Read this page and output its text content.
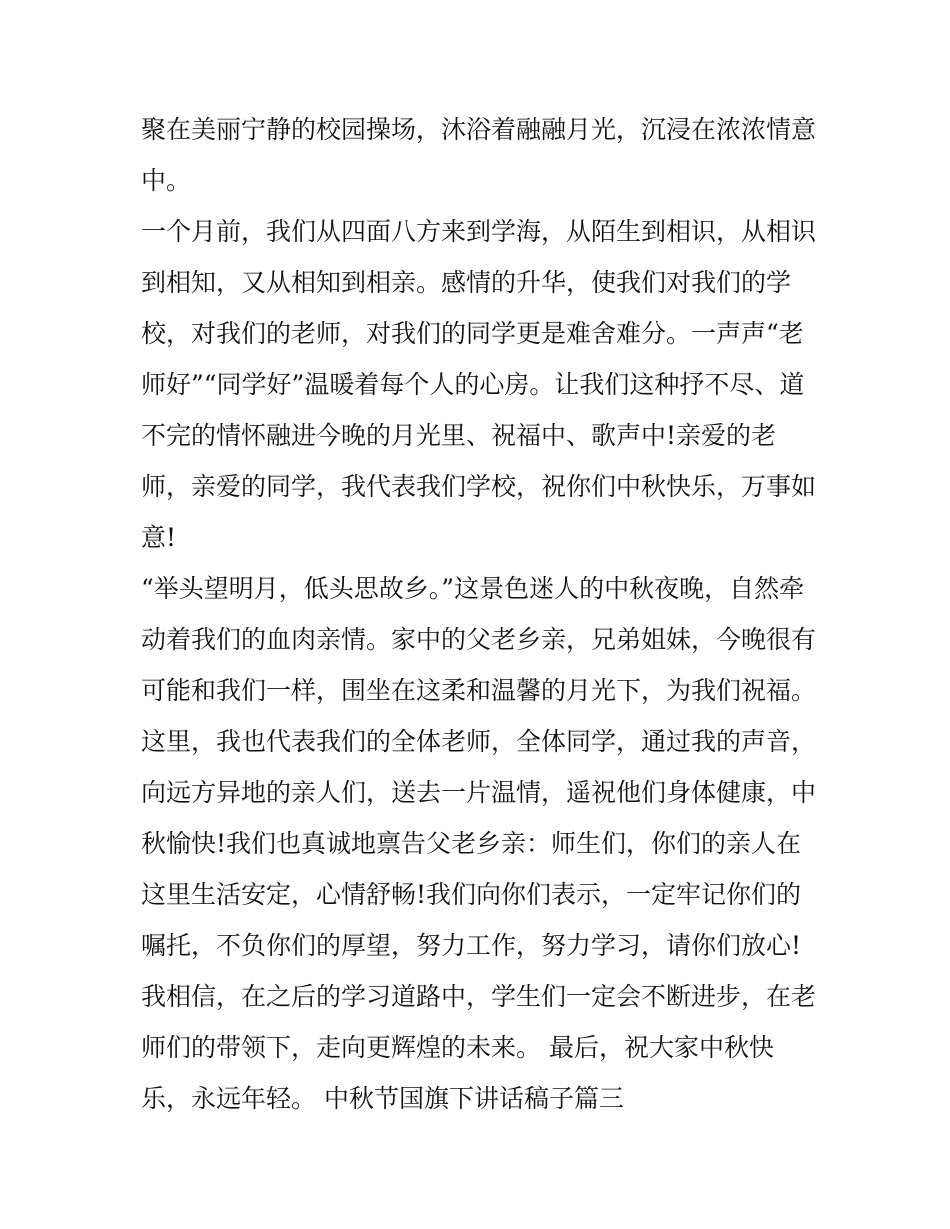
聚在美丽宁静的校园操场，沐浴着融融月光，沉浸在浓浓情意
中。
一个月前，我们从四面八方来到学海，从陌生到相识，从相识
到相知，又从相知到相亲。感情的升华，使我们对我们的学
校，对我们的老师，对我们的同学更是难舍难分。一声声“老
师好”“同学好”温暖着每个人的心房。让我们这种抒不尽、道
不完的情怀融进今晚的月光里、祝福中、歌声中!亲爱的老
师，亲爱的同学，我代表我们学校，祝你们中秋快乐，万事如
意!
“举头望明月，低头思故乡。”这景色迷人的中秋夜晚，自然牵
动着我们的血肉亲情。家中的父老乡亲，兄弟姐妹，今晚很有
可能和我们一样，围坐在这柔和温馨的月光下，为我们祝福。
这里，我也代表我们的全体老师，全体同学，通过我的声音，
向远方异地的亲人们，送去一片温情，遥祝他们身体健康，中
秋愉快!我们也真诚地禀告父老乡亲：师生们，你们的亲人在
这里生活安定，心情舒畅!我们向你们表示，一定牢记你们的
嘱托，不负你们的厚望，努力工作，努力学习，请你们放心!
我相信，在之后的学习道路中，学生们一定会不断进步，在老
师们的带领下，走向更辉煌的未来。 最后，祝大家中秋快
乐，永远年轻。 中秋节国旗下讲话稿子篇三
